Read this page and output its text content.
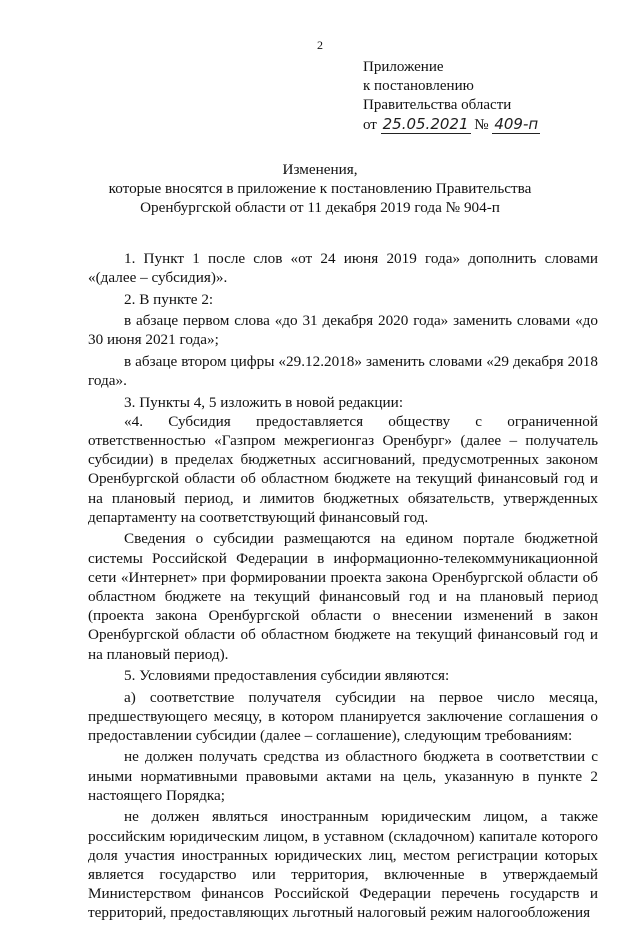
2
Приложение
к постановлению
Правительства области
от 25.05.2021 № 409-п
Изменения,
которые вносятся в приложение к постановлению Правительства
Оренбургской области от 11 декабря 2019 года № 904-п

1. Пункт 1 после слов «от 24 июня 2019 года» дополнить словами «(далее – субсидия)».

2. В пункте 2:

в абзаце первом слова «до 31 декабря 2020 года» заменить словами «до 30 июня 2021 года»;

в абзаце втором цифры «29.12.2018» заменить словами «29 декабря 2018 года».

3. Пункты 4, 5 изложить в новой редакции:

«4. Субсидия предоставляется обществу с ограниченной ответственностью «Газпром межрегионгаз Оренбург» (далее – получатель субсидии) в пределах бюджетных ассигнований, предусмотренных законом Оренбургской области об областном бюджете на текущий финансовый год и на плановый период, и лимитов бюджетных обязательств, утвержденных департаменту на соответствующий финансовый год.

Сведения о субсидии размещаются на едином портале бюджетной системы Российской Федерации в информационно-телекоммуникационной сети «Интернет» при формировании проекта закона Оренбургской области об областном бюджете на текущий финансовый год и на плановый период (проекта закона Оренбургской области о внесении изменений в закон Оренбургской области об областном бюджете на текущий финансовый год и на плановый период).

5. Условиями предоставления субсидии являются:

а) соответствие получателя субсидии на первое число месяца, предшествующего месяцу, в котором планируется заключение соглашения о предоставлении субсидии (далее – соглашение), следующим требованиям:

не должен получать средства из областного бюджета в соответствии с иными нормативными правовыми актами на цель, указанную в пункте 2 настоящего Порядка;

не должен являться иностранным юридическим лицом, а также российским юридическим лицом, в уставном (складочном) капитале которого доля участия иностранных юридических лиц, местом регистрации которых является государство или территория, включенные в утверждаемый Министерством финансов Российской Федерации перечень государств и территорий, предоставляющих льготный налоговый режим налогообложения
